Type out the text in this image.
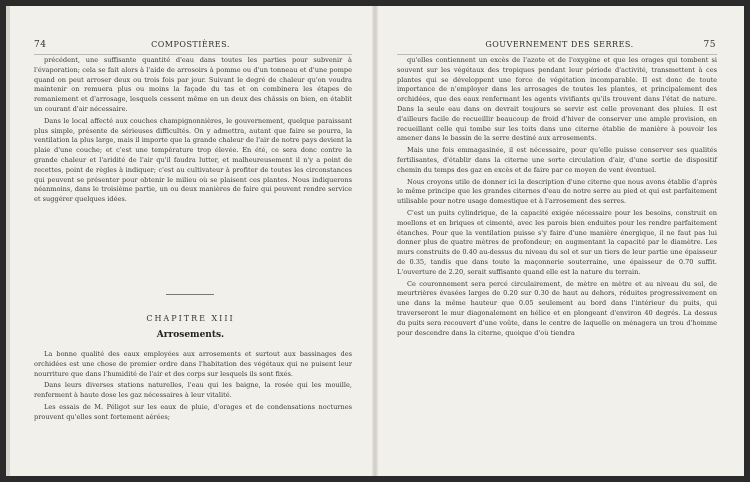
74	COMPOSTIÈRES.

précédent, une suffisante quantité d'eau dans toutes les parties pour subvenir à l'évaporation; cela se fait alors à l'aide de arrosoirs à pomme ou d'un tonneau et d'une pompe quand on peut arroser deux ou trois fois par jour. Suivant le degré de chaleur qu'on voudra maintenir on remuera plus ou moins la façade du tas et on combinera les étapes de remaniement et d'arrosage, lesquels cessent même en un deux des châssis on bien, en établit un courant d'air nécessaire.

Dans le local affecté aux couches champignonnières, le gouvernement, quelque paraissant plus simple, présente de sérieuses difficultés. On y admettra, autant que faire se pourra, la ventilation la plus large, mais il importe que la grande chaleur de l'air de notre pays devient la plaie d'une couche; et c'est une température trop élevée. En été, ce sera donc contre la grande chaleur et l'aridité de l'air qu'il faudra lutter, et malheureusement il n'y a point de recettes, point de règles à indiquer; c'est au cultivateur à profiter de toutes les circonstances qui peuvent se présenter pour obtenir le milieu où se plaisent ces plantes. Nous indiquerons néanmoins, dans le troisième partie, un ou deux manières de faire qui peuvent rendre service et suggérer quelques idées.

CHAPITRE XIII
Arrosements.

La bonne qualité des eaux employées aux arrosements et surtout aux bassinages des orchidées est une chose de premier ordre dans l'habitation des végétaux qui ne puisent leur nourriture que dans l'humidité de l'air et des corps sur lesquels ils sont fixés.

Dans leurs diverses stations naturelles, l'eau qui les baigne, la rosée qui les mouille, renferment à haute dose les gaz nécessaires à leur vitalité.

Les essais de M. Péligot sur les eaux de pluie, d'orages et de condensations nocturnes prouvent qu'elles sont fortement aérées;

GOUVERNEMENT DES SERRES.	75

qu'elles contiennent un excès de l'azote et de l'oxygène et que les orages qui tombent si souvent sur les végétaux des tropiques pendant leur période d'activité, transmettent à ces plantes qui se développent une force de végétation incomparable. Il est donc de toute importance de n'employer dans les arrosages de toutes les plantes, et principalement des orchidées, que des eaux renfermant les agents vivifiants qu'ils trouvent dans l'état de nature. Dans la seule eau dans on devrait toujours se servir est celle provenant des pluies. Il est d'ailleurs facile de recueillir beaucoup de froid d'hiver de conserver une ample provision, en recueillant celle qui tombe sur les toits dans une citerne établie de manière à pouvoir les amener dans le bassin de la serre destiné aux arrosements.

Mais une fois emmagasinée, il est nécessaire, pour qu'elle puisse conserver ses qualités fertilisantes, d'établir dans la citerne une sorte circulation d'air, d'une sortie de dispositif chemin du temps des gaz en excès et de faire par ce moyen de vent éventuel.

Nous croyons utile de donner ici la description d'une citerne que nous avons établie d'après le même principe que les grandes citernes d'eau de notre serre au pied et qui est parfaitement utilisable pour notre usage domestique et à l'arrosement des serres.

C'est un puits cylindrique, de la capacité exigée nécessaire pour les besoins, construit en moellons et en briques et cimenté, avec les parois bien enduites pour les rendre parfaitement étanches. Pour que la ventilation puisse s'y faire d'une manière énergique, il ne faut pas lui donner plus de quatre mètres de profondeur; en augmentant la capacité par le diamètre. Les murs construits de 0.40 au-dessus du niveau du sol et sur un tiers de leur partie une épaisseur de 0.35, tandis que dans toute la maçonnerie souterraine, une épaisseur de 0.70 suffit. L'ouverture de 2.20, serait suffisante quand elle est la nature du terrain.

Ce couronnement sera percé circulairement, de mètre en mètre et au niveau du sol, de meurtrières évasées larges de 0.20 sur 0.30 de haut au dehors, réduites progressivement en une dans la même hauteur que 0.05 seulement au bord dans l'intérieur du puits, qui traverseront le mur diagonalement en hélice et en plongeant d'environ 40 degrés. La dessus du puits sera recouvert d'une voûte, dans le centre de laquelle on ménagera un trou d'homme pour descendre dans la citerne, quoique d'où tiendra
